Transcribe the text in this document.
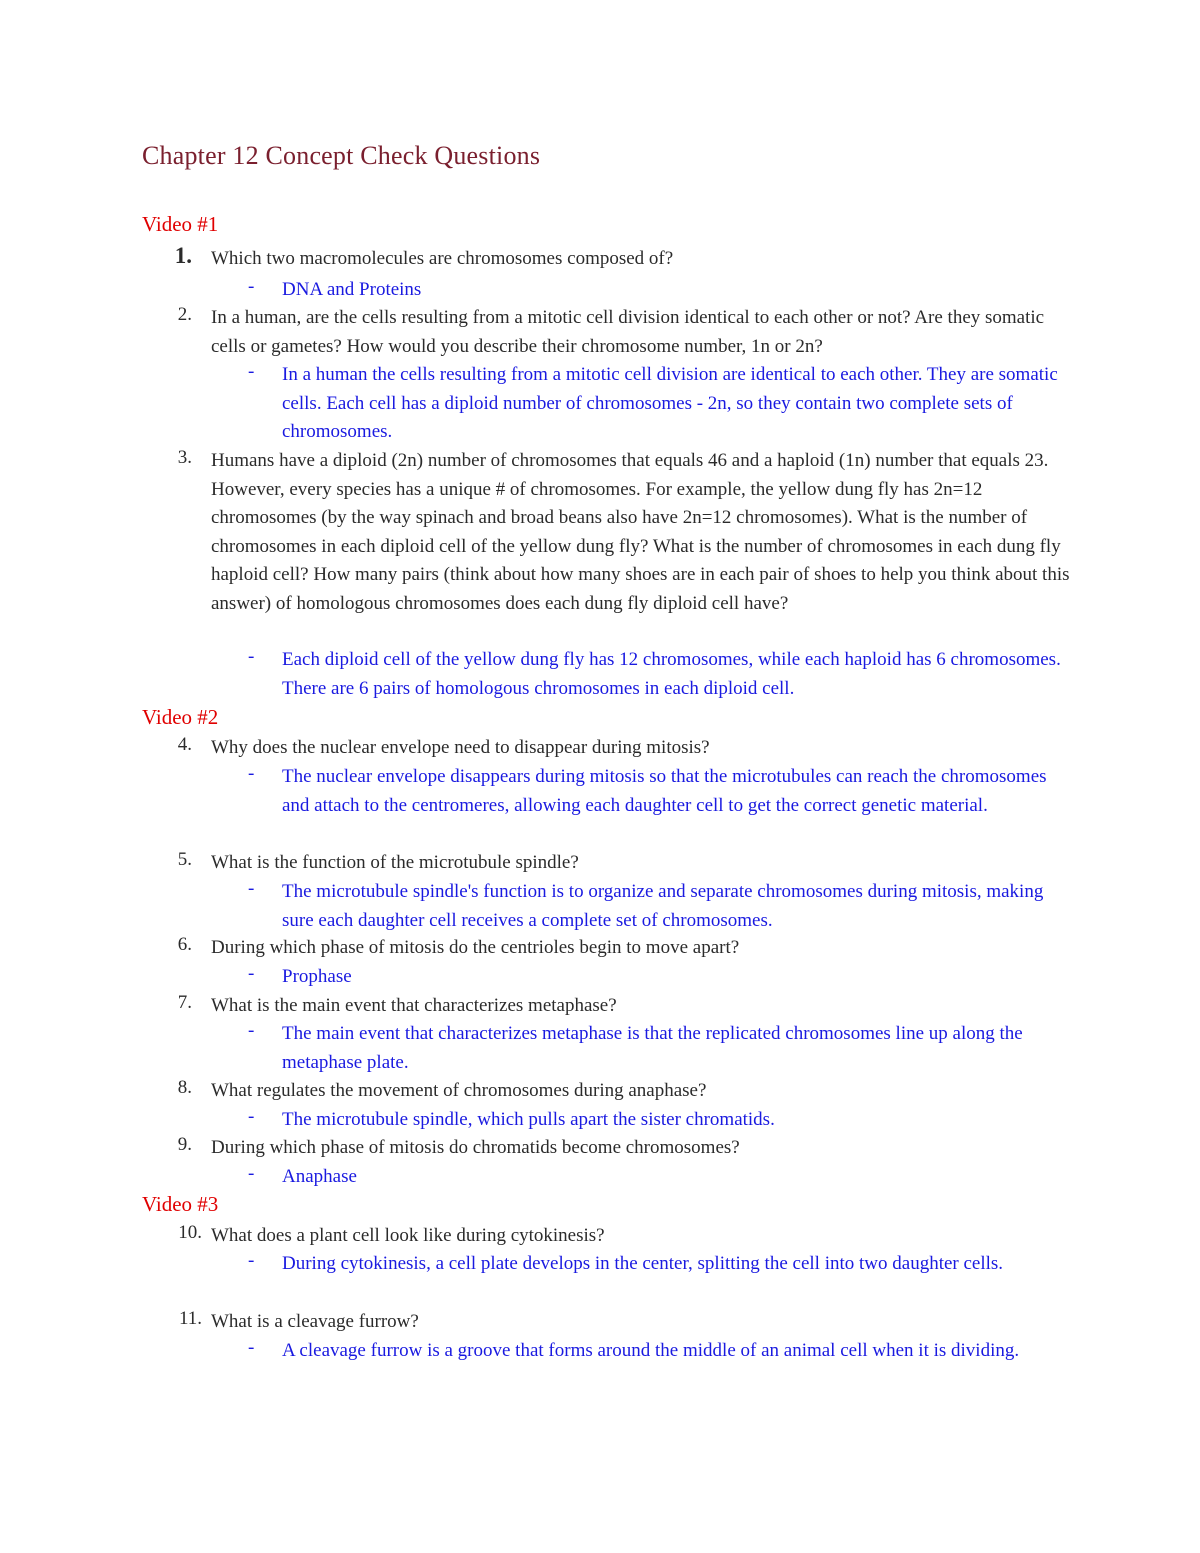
Chapter 12 Concept Check Questions
Video #1
1. Which two macromolecules are chromosomes composed of?
- DNA and Proteins
2. In a human, are the cells resulting from a mitotic cell division identical to each other or not? Are they somatic cells or gametes? How would you describe their chromosome number, 1n or 2n?
- In a human the cells resulting from a mitotic cell division are identical to each other. They are somatic cells. Each cell has a diploid number of chromosomes - 2n, so they contain two complete sets of chromosomes.
3. Humans have a diploid (2n) number of chromosomes that equals 46 and a haploid (1n) number that equals 23. However, every species has a unique # of chromosomes. For example, the yellow dung fly has 2n=12 chromosomes (by the way spinach and broad beans also have 2n=12 chromosomes). What is the number of chromosomes in each diploid cell of the yellow dung fly? What is the number of chromosomes in each dung fly haploid cell? How many pairs (think about how many shoes are in each pair of shoes to help you think about this answer) of homologous chromosomes does each dung fly diploid cell have?
- Each diploid cell of the yellow dung fly has 12 chromosomes, while each haploid has 6 chromosomes. There are 6 pairs of homologous chromosomes in each diploid cell.
Video #2
4. Why does the nuclear envelope need to disappear during mitosis?
- The nuclear envelope disappears during mitosis so that the microtubules can reach the chromosomes and attach to the centromeres, allowing each daughter cell to get the correct genetic material.
5. What is the function of the microtubule spindle?
- The microtubule spindle's function is to organize and separate chromosomes during mitosis, making sure each daughter cell receives a complete set of chromosomes.
6. During which phase of mitosis do the centrioles begin to move apart?
- Prophase
7. What is the main event that characterizes metaphase?
- The main event that characterizes metaphase is that the replicated chromosomes line up along the metaphase plate.
8. What regulates the movement of chromosomes during anaphase?
- The microtubule spindle, which pulls apart the sister chromatids.
9. During which phase of mitosis do chromatids become chromosomes?
- Anaphase
Video #3
10. What does a plant cell look like during cytokinesis?
- During cytokinesis, a cell plate develops in the center, splitting the cell into two daughter cells.
11. What is a cleavage furrow?
- A cleavage furrow is a groove that forms around the middle of an animal cell when it is dividing.
